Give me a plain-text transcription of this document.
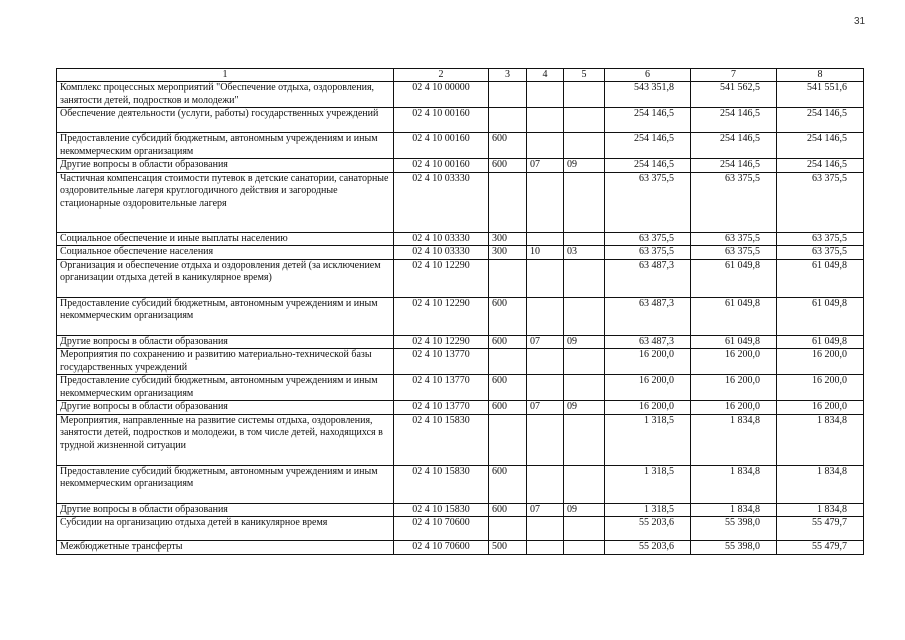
31
1	2	3	4	5	6	7	8
Комплекс процессных мероприятий "Обеспечение отдыха, оздоровления, занятости детей, подростков и молодежи"	02 4 10 00000				543 351,8	541 562,5	541 551,6
Обеспечение деятельности (услуги, работы) государственных учреждений	02 4 10 00160				254 146,5	254 146,5	254 146,5
Предоставление субсидий бюджетным, автономным учреждениям и иным некоммерческим организациям	02 4 10 00160	600			254 146,5	254 146,5	254 146,5
Другие вопросы в области образования	02 4 10 00160	600	07	09	254 146,5	254 146,5	254 146,5
Частичная компенсация стоимости путевок в детские санатории, санаторные оздоровительные лагеря круглогодичного действия и загородные стационарные оздоровительные лагеря	02 4 10 03330				63 375,5	63 375,5	63 375,5
Социальное обеспечение и иные выплаты населению	02 4 10 03330	300			63 375,5	63 375,5	63 375,5
Социальное обеспечение населения	02 4 10 03330	300	10	03	63 375,5	63 375,5	63 375,5
Организация и обеспечение отдыха и оздоровления детей (за исключением организации отдыха детей в каникулярное время)	02 4 10 12290				63 487,3	61 049,8	61 049,8
Предоставление субсидий бюджетным, автономным учреждениям и иным некоммерческим организациям	02 4 10 12290	600			63 487,3	61 049,8	61 049,8
Другие вопросы в области образования	02 4 10 12290	600	07	09	63 487,3	61 049,8	61 049,8
Мероприятия по сохранению и развитию материально-технической базы государственных учреждений	02 4 10 13770				16 200,0	16 200,0	16 200,0
Предоставление субсидий бюджетным, автономным учреждениям и иным некоммерческим организациям	02 4 10 13770	600			16 200,0	16 200,0	16 200,0
Другие вопросы в области образования	02 4 10 13770	600	07	09	16 200,0	16 200,0	16 200,0
Мероприятия, направленные на развитие системы отдыха, оздоровления, занятости детей, подростков и молодежи, в том числе детей, находящихся в трудной жизненной ситуации	02 4 10 15830				1 318,5	1 834,8	1 834,8
Предоставление субсидий бюджетным, автономным учреждениям и иным некоммерческим организациям	02 4 10 15830	600			1 318,5	1 834,8	1 834,8
Другие вопросы в области образования	02 4 10 15830	600	07	09	1 318,5	1 834,8	1 834,8
Субсидии на организацию отдыха детей в каникулярное время	02 4 10 70600				55 203,6	55 398,0	55 479,7
Межбюджетные трансферты	02 4 10 70600	500			55 203,6	55 398,0	55 479,7
